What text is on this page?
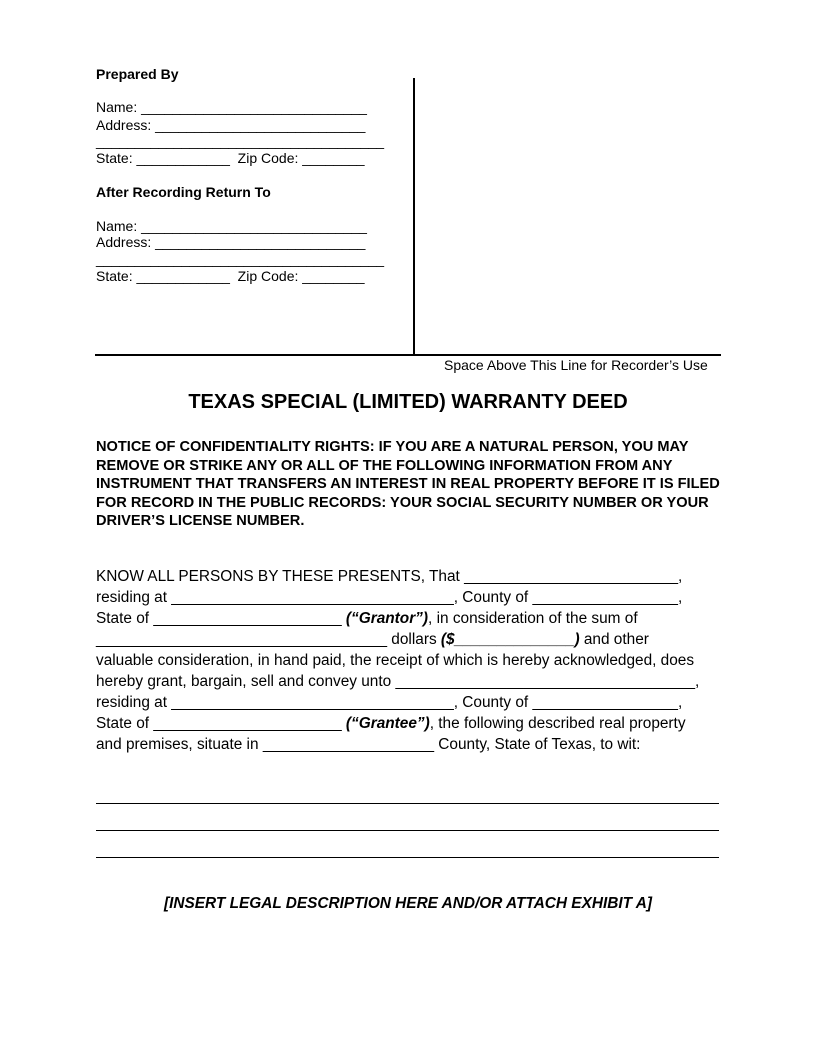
Prepared By
Name: _____________________________
Address: ___________________________
_____________________________________
State: ____________  Zip Code: ________
After Recording Return To
Name: _____________________________
Address: ___________________________
_____________________________________
State: ____________  Zip Code: ________
Space Above This Line for Recorder’s Use
TEXAS SPECIAL (LIMITED) WARRANTY DEED
NOTICE OF CONFIDENTIALITY RIGHTS: IF YOU ARE A NATURAL PERSON, YOU MAY REMOVE OR STRIKE ANY OR ALL OF THE FOLLOWING INFORMATION FROM ANY INSTRUMENT THAT TRANSFERS AN INTEREST IN REAL PROPERTY BEFORE IT IS FILED FOR RECORD IN THE PUBLIC RECORDS: YOUR SOCIAL SECURITY NUMBER OR YOUR DRIVER’S LICENSE NUMBER.
KNOW ALL PERSONS BY THESE PRESENTS, That _________________________,
residing at _________________________________, County of _________________,
State of ______________________ (“Grantor”), in consideration of the sum of
__________________________________ dollars ($______________) and other
valuable consideration, in hand paid, the receipt of which is hereby acknowledged, does
hereby grant, bargain, sell and convey unto ___________________________________,
residing at _________________________________, County of _________________,
State of ______________________ (“Grantee”), the following described real property
and premises, situate in ____________________ County, State of Texas, to wit:
[INSERT LEGAL DESCRIPTION HERE AND/OR ATTACH EXHIBIT A]
